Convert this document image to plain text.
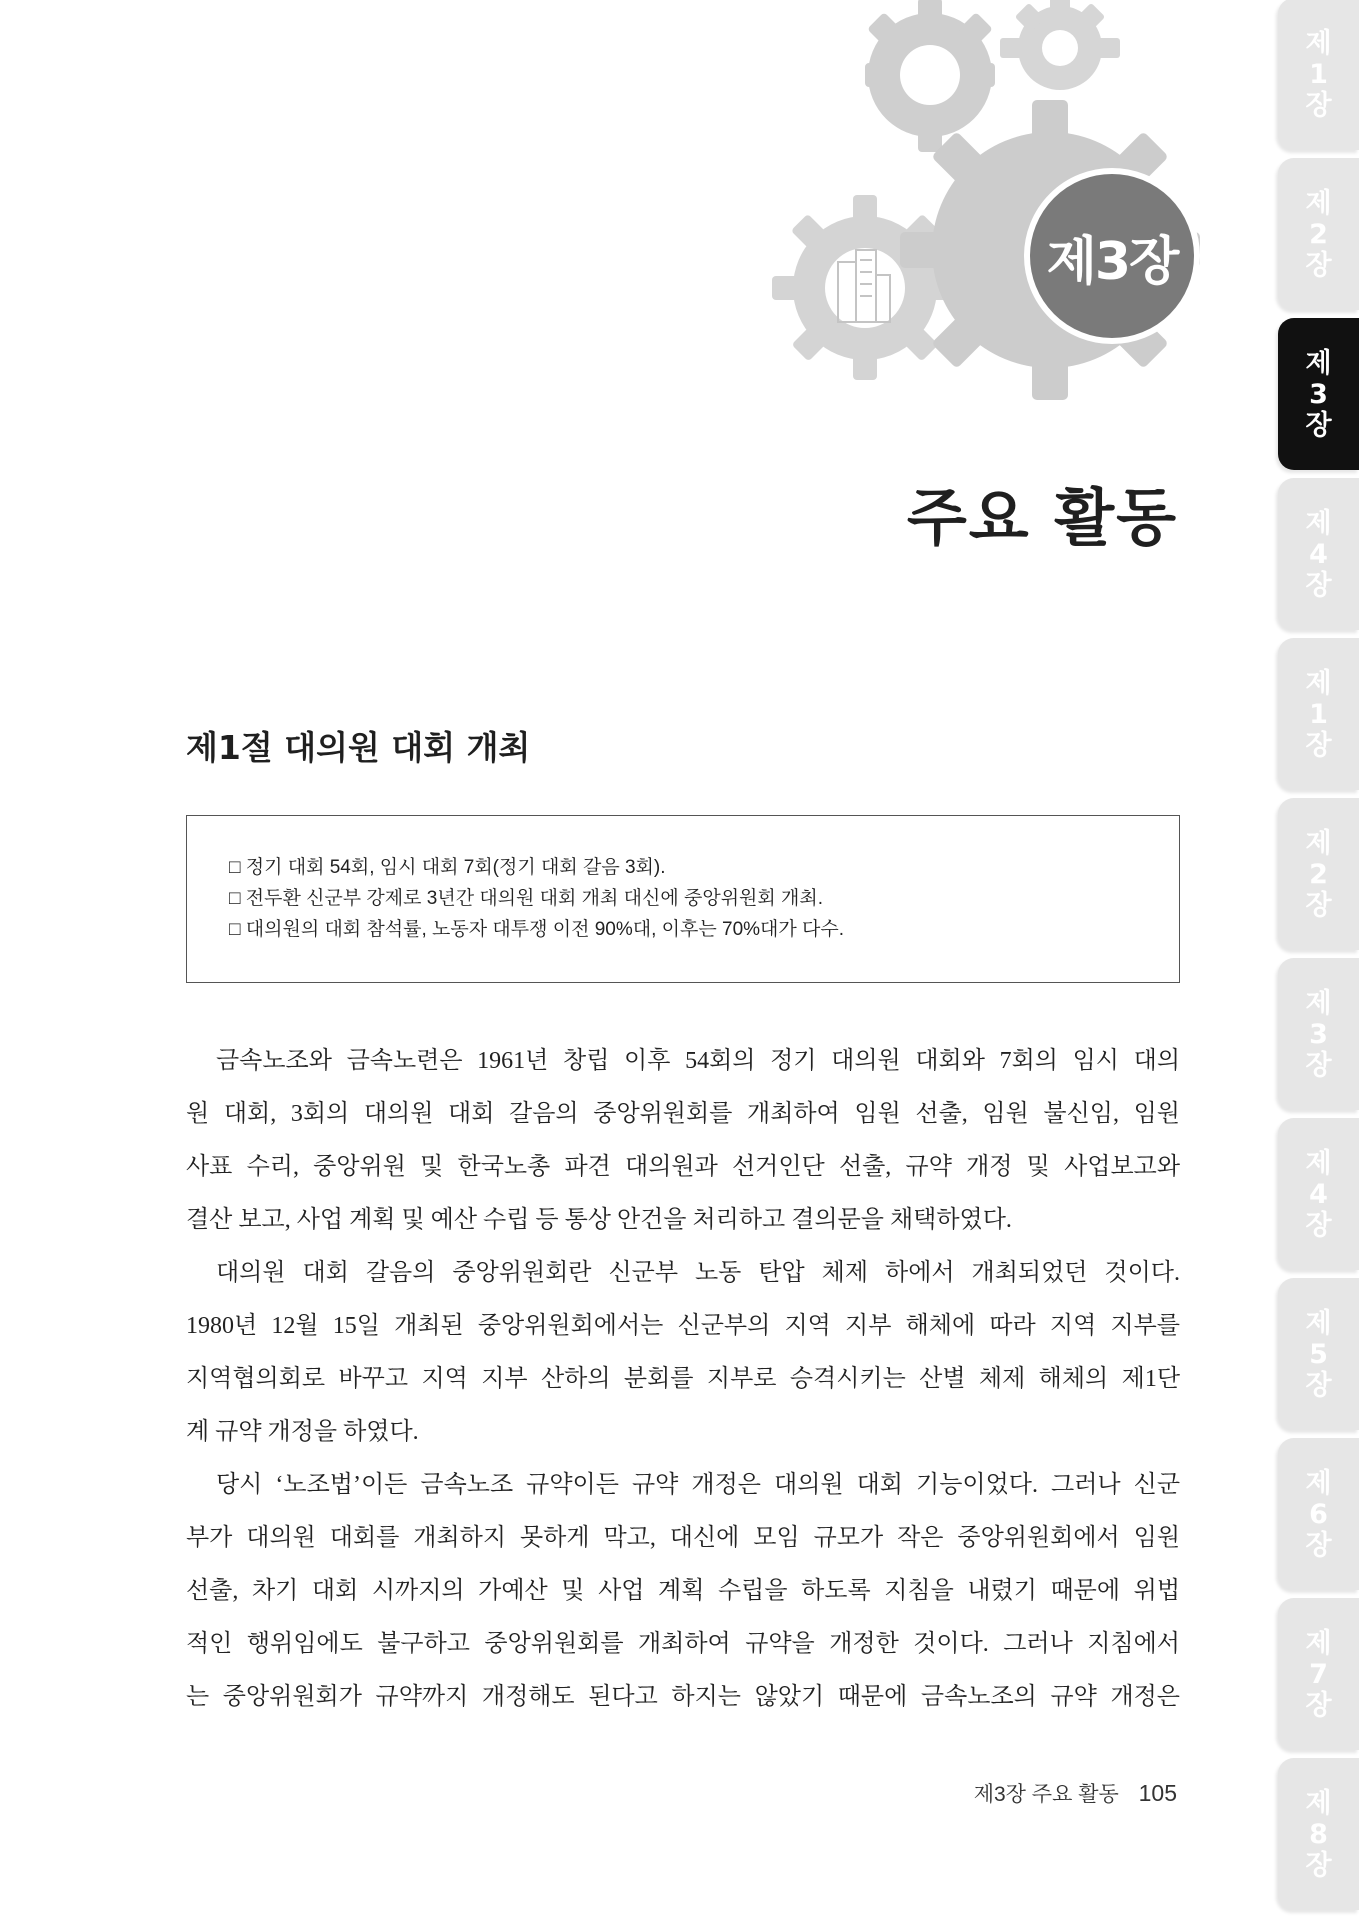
제3장
주요 활동
제1절 대의원 대회 개최
□ 정기 대회 54회, 임시 대회 7회(정기 대회 갈음 3회).
□ 전두환 신군부 강제로 3년간 대의원 대회 개최 대신에 중앙위원회 개최.
□ 대의원의 대회 참석률, 노동자 대투쟁 이전 90%대, 이후는 70%대가 다수.
금속노조와 금속노련은 1961년 창립 이후 54회의 정기 대의원 대회와 7회의 임시 대의
원 대회, 3회의 대의원 대회 갈음의 중앙위원회를 개최하여 임원 선출, 임원 불신임, 임원
사표 수리, 중앙위원 및 한국노총 파견 대의원과 선거인단 선출, 규약 개정 및 사업보고와
결산 보고, 사업 계획 및 예산 수립 등 통상 안건을 처리하고 결의문을 채택하였다.
대의원 대회 갈음의 중앙위원회란 신군부 노동 탄압 체제 하에서 개최되었던 것이다.
1980년 12월 15일 개최된 중앙위원회에서는 신군부의 지역 지부 해체에 따라 지역 지부를
지역협의회로 바꾸고 지역 지부 산하의 분회를 지부로 승격시키는 산별 체제 해체의 제1단
계 규약 개정을 하였다.
당시 ‘노조법’이든 금속노조 규약이든 규약 개정은 대의원 대회 기능이었다. 그러나 신군
부가 대의원 대회를 개최하지 못하게 막고, 대신에 모임 규모가 작은 중앙위원회에서 임원
선출, 차기 대회 시까지의 가예산 및 사업 계획 수립을 하도록 지침을 내렸기 때문에 위법
적인 행위임에도 불구하고 중앙위원회를 개최하여 규약을 개정한 것이다. 그러나 지침에서
는 중앙위원회가 규약까지 개정해도 된다고 하지는 않았기 때문에 금속노조의 규약 개정은
제3장 주요 활동 105
제1장
제2장
제3장
제4장
제1장
제2장
제3장
제4장
제5장
제6장
제7장
제8장
